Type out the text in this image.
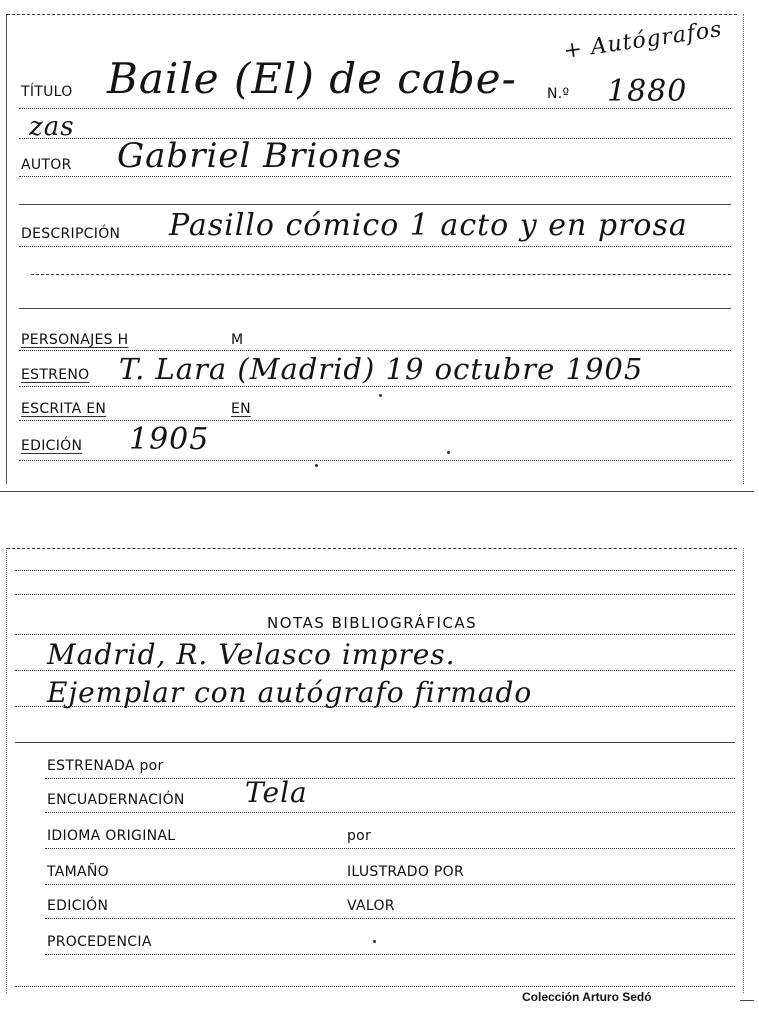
+ Autógrafos
TÍTULO Baile (El) de cabe- N.º 1880
zas
AUTOR Gabriel Briones
DESCRIPCIÓN Pasillo cómico 1 acto y en prosa
PERSONAJES H	M
ESTRENO T. Lara (Madrid) 19 octubre 1905
ESCRITA EN	EN
EDICIÓN 1905
NOTAS BIBLIOGRÁFICAS
Madrid, R. Velasco impres.
Ejemplar con autógrafo firmado
ESTRENADA por
ENCUADERNACIÓN Tela
IDIOMA ORIGINAL	por
TAMAÑO	ILUSTRADO POR
EDICIÓN	VALOR
PROCEDENCIA
Colección Arturo Sedó
